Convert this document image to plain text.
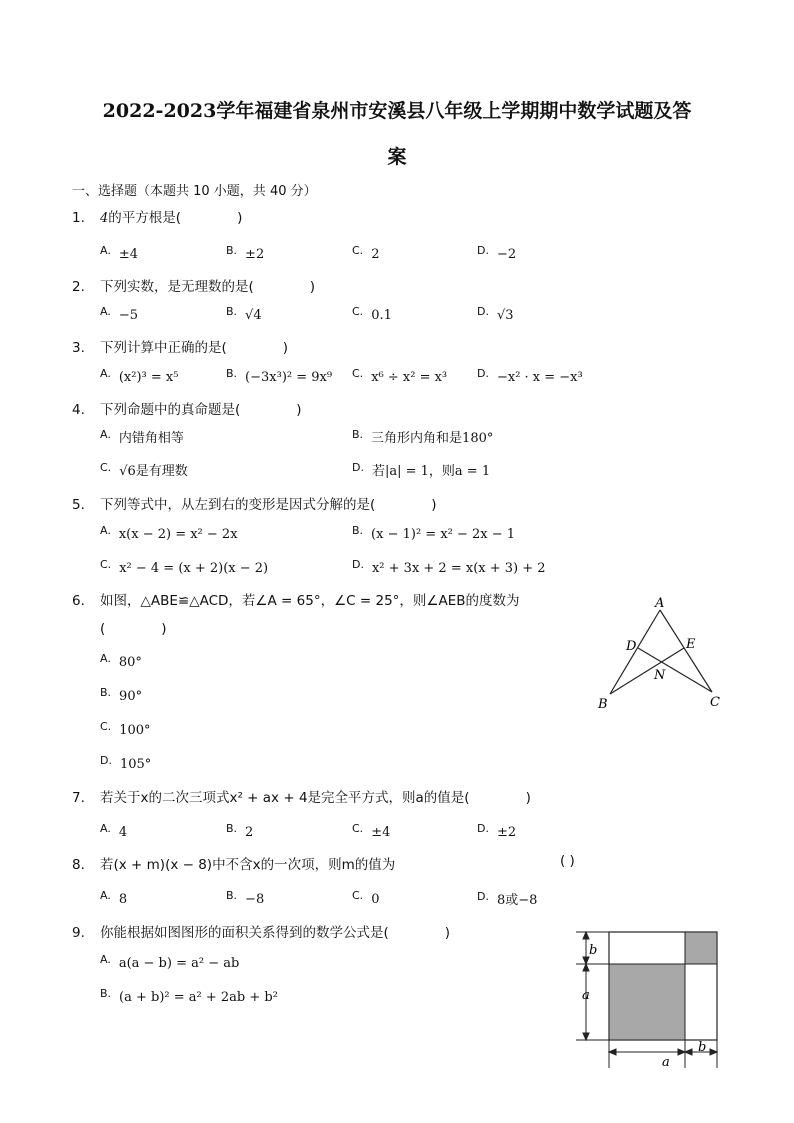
2022-2023学年福建省泉州市安溪县八年级上学期期中数学试题及答
案
一、选择题（本题共 10 小题，共 40 分）
1. 4的平方根是(	)
$^{A.}$ ±4	$^{B.}$ ±2	$^{C.}$ 2	$^{D.}$ −2
2. 下列实数，是无理数的是(	)
$^{A.}$ −5	$^{B.}$ √4	$^{C.}$ 0.1	$^{D.}$ √3
3. 下列计算中正确的是(	)
$^{A.}$ (x²)³ = x⁵	$^{B.}$ (−3x³)² = 9x⁹ $^{C.}$ x⁶ ÷ x² = x³	$^{D.}$ −x² · x = −x³
4. 下列命题中的真命题是(	)
$^{A.}$ 内错角相等	$^{B.}$ 三角形内角和是180°
$^{C.}$ √6是有理数	$^{D.}$ 若|a| = 1，则a = 1
5. 下列等式中，从左到右的变形是因式分解的是(	)
$^{A.}$ x(x − 2) = x² − 2x	$^{B.}$ (x − 1)² = x² − 2x − 1
$^{C.}$ x² − 4 = (x + 2)(x − 2)	$^{D.}$ x² + 3x + 2 = x(x + 3) + 2
6. 如图，△ABE≌△ACD，若∠A = 65°，∠C = 25°，则∠AEB的度数为
(	)
$^{A.}$ 80°
$^{B.}$ 90°
$^{C.}$ 100°
$^{D.}$ 105°
A
B	C
D	E
N
7. 若关于x的二次三项式x² + ax + 4是完全平方式，则a的值是(	)
$^{A.}$ 4	$^{B.}$ 2	$^{C.}$ ±4	$^{D.}$ ±2
8. 若(x + m)(x − 8)中不含x的一次项，则m的值为	( )
$^{A.}$ 8	$^{B.}$ −8	$^{C.}$ 0	$^{D.}$ 8或−8
9. 你能根据如图图形的面积关系得到的数学公式是(	)
$^{A.}$ a(a − b) = a² − ab
$^{B.}$ (a + b)² = a² + 2ab + b²
b
a
a
b
